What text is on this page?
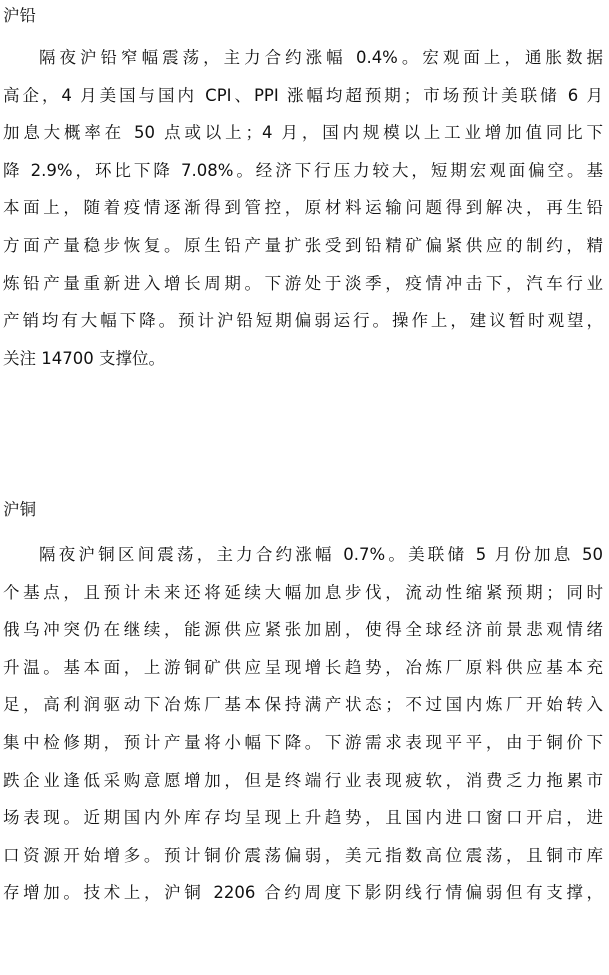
沪铅
隔夜沪铅窄幅震荡，主力合约涨幅 0.4%。宏观面上，通胀数据
高企，4 月美国与国内 CPI、PPI 涨幅均超预期；市场预计美联储 6 月
加息大概率在 50 点或以上；4 月，国内规模以上工业增加值同比下
降 2.9%，环比下降 7.08%。经济下行压力较大，短期宏观面偏空。基
本面上，随着疫情逐渐得到管控，原材料运输问题得到解决，再生铅
方面产量稳步恢复。原生铅产量扩张受到铅精矿偏紧供应的制约，精
炼铅产量重新进入增长周期。下游处于淡季，疫情冲击下，汽车行业
产销均有大幅下降。预计沪铅短期偏弱运行。操作上，建议暂时观望，
关注 14700 支撑位。
沪铜
隔夜沪铜区间震荡，主力合约涨幅 0.7%。美联储 5 月份加息 50
个基点，且预计未来还将延续大幅加息步伐，流动性缩紧预期；同时
俄乌冲突仍在继续，能源供应紧张加剧，使得全球经济前景悲观情绪
升温。基本面，上游铜矿供应呈现增长趋势，冶炼厂原料供应基本充
足，高利润驱动下冶炼厂基本保持满产状态；不过国内炼厂开始转入
集中检修期，预计产量将小幅下降。下游需求表现平平，由于铜价下
跌企业逢低采购意愿增加，但是终端行业表现疲软，消费乏力拖累市
场表现。近期国内外库存均呈现上升趋势，且国内进口窗口开启，进
口资源开始增多。预计铜价震荡偏弱，美元指数高位震荡，且铜市库
存增加。技术上，沪铜 2206 合约周度下影阴线行情偏弱但有支撑，
